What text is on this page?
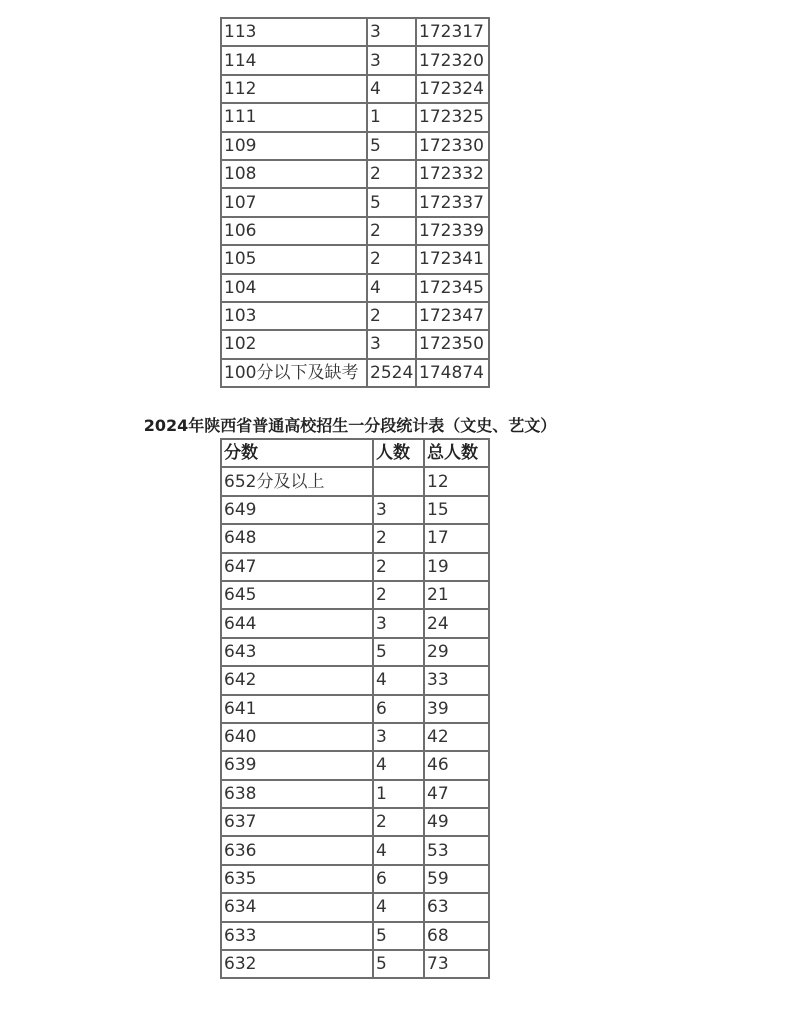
113	3	172317
114	3	172320
112	4	172324
111	1	172325
109	5	172330
108	2	172332
107	5	172337
106	2	172339
105	2	172341
104	4	172345
103	2	172347
102	3	172350
100分以下及缺考	2524	174874
2024年陕西省普通高校招生一分段统计表（文史、艺文）
分数	人数	总人数
652分及以上		12
649	3	15
648	2	17
647	2	19
645	2	21
644	3	24
643	5	29
642	4	33
641	6	39
640	3	42
639	4	46
638	1	47
637	2	49
636	4	53
635	6	59
634	4	63
633	5	68
632	5	73
